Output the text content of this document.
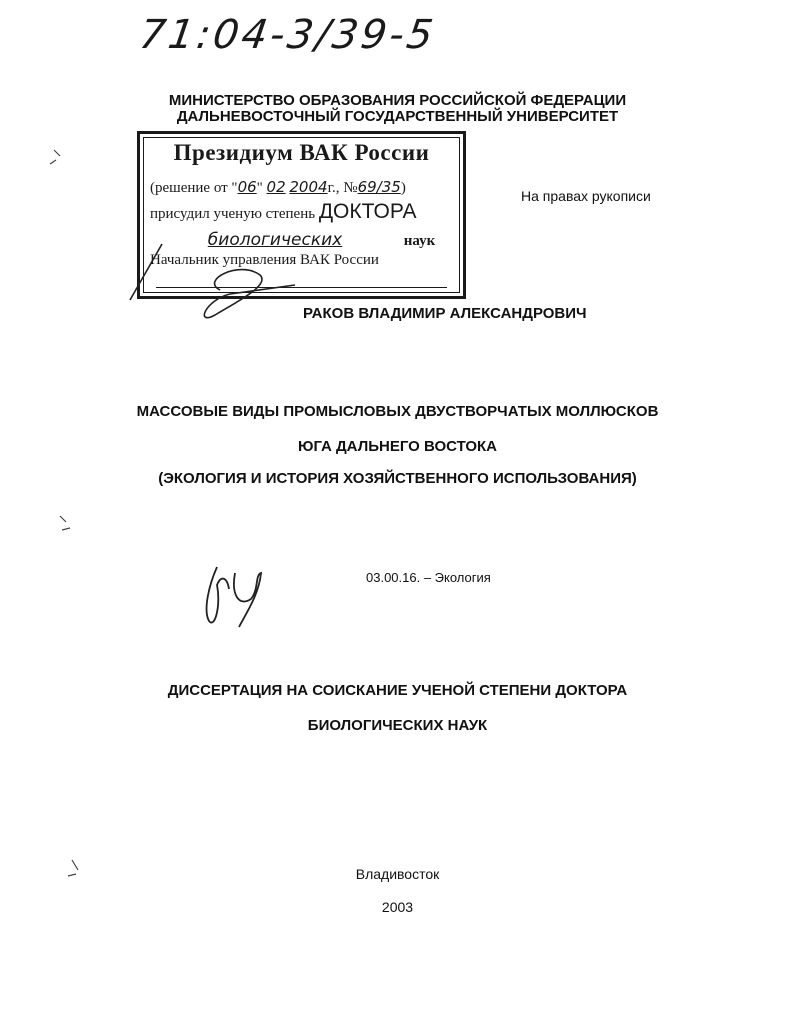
71:04-3/39-5
МИНИСТЕРСТВО ОБРАЗОВАНИЯ РОССИЙСКОЙ ФЕДЕРАЦИИ
ДАЛЬНЕВОСТОЧНЫЙ ГОСУДАРСТВЕННЫЙ УНИВЕРСИТЕТ
Президиум ВАК России
(решение от "06" 02 2004г., №69/35)
присудил ученую степень ДОКТОРА
биологических	наук
Начальник управления ВАК России
На правах рукописи
РАКОВ ВЛАДИМИР АЛЕКСАНДРОВИЧ
МАССОВЫЕ ВИДЫ ПРОМЫСЛОВЫХ ДВУСТВОРЧАТЫХ МОЛЛЮСКОВ
ЮГА ДАЛЬНЕГО ВОСТОКА
(ЭКОЛОГИЯ И ИСТОРИЯ ХОЗЯЙСТВЕННОГО ИСПОЛЬЗОВАНИЯ)
03.00.16. – Экология
ДИССЕРТАЦИЯ НА СОИСКАНИЕ УЧЕНОЙ СТЕПЕНИ ДОКТОРА
БИОЛОГИЧЕСКИХ НАУК
Владивосток
2003
